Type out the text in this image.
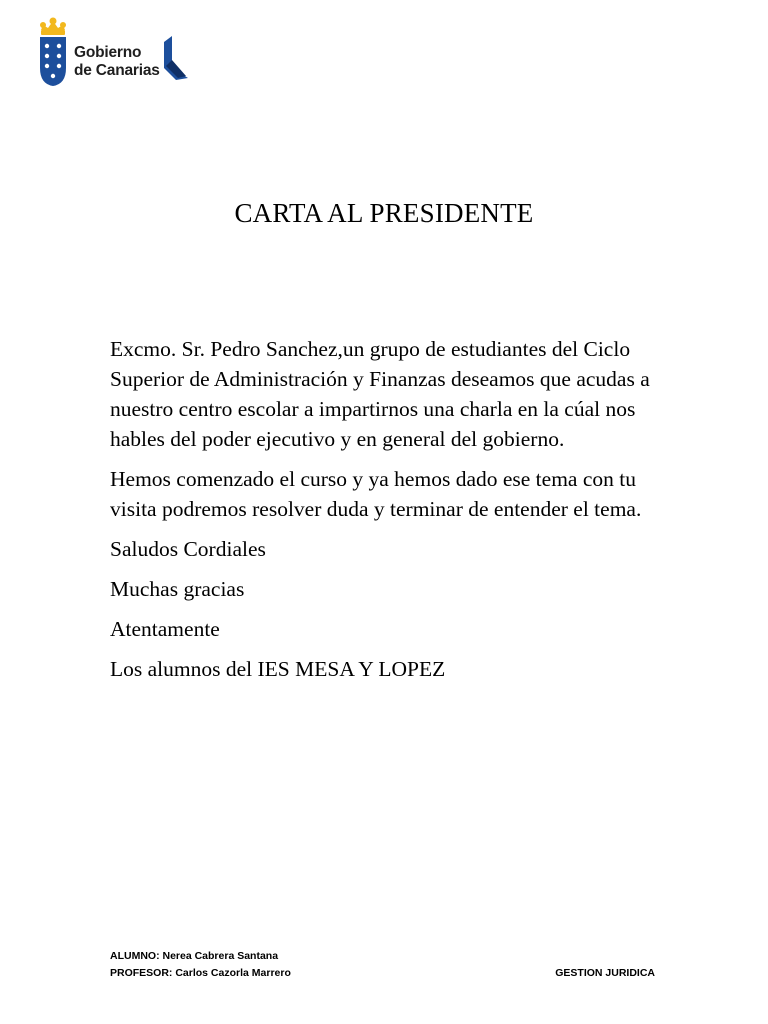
Gobierno
de Canarias
CARTA AL PRESIDENTE

Excmo. Sr. Pedro Sanchez,un grupo de estudiantes del Ciclo Superior de Administración y Finanzas deseamos que acudas a nuestro centro escolar a impartirnos una charla en la cúal nos hables del poder ejecutivo y en general del gobierno.

Hemos comenzado el curso y ya hemos dado ese tema con tu visita podremos resolver duda y terminar de entender el tema.

Saludos Cordiales

Muchas gracias

Atentamente

Los alumnos del IES MESA Y LOPEZ

ALUMNO: Nerea Cabrera Santana
PROFESOR: Carlos Cazorla Marrero	GESTION JURIDICA
